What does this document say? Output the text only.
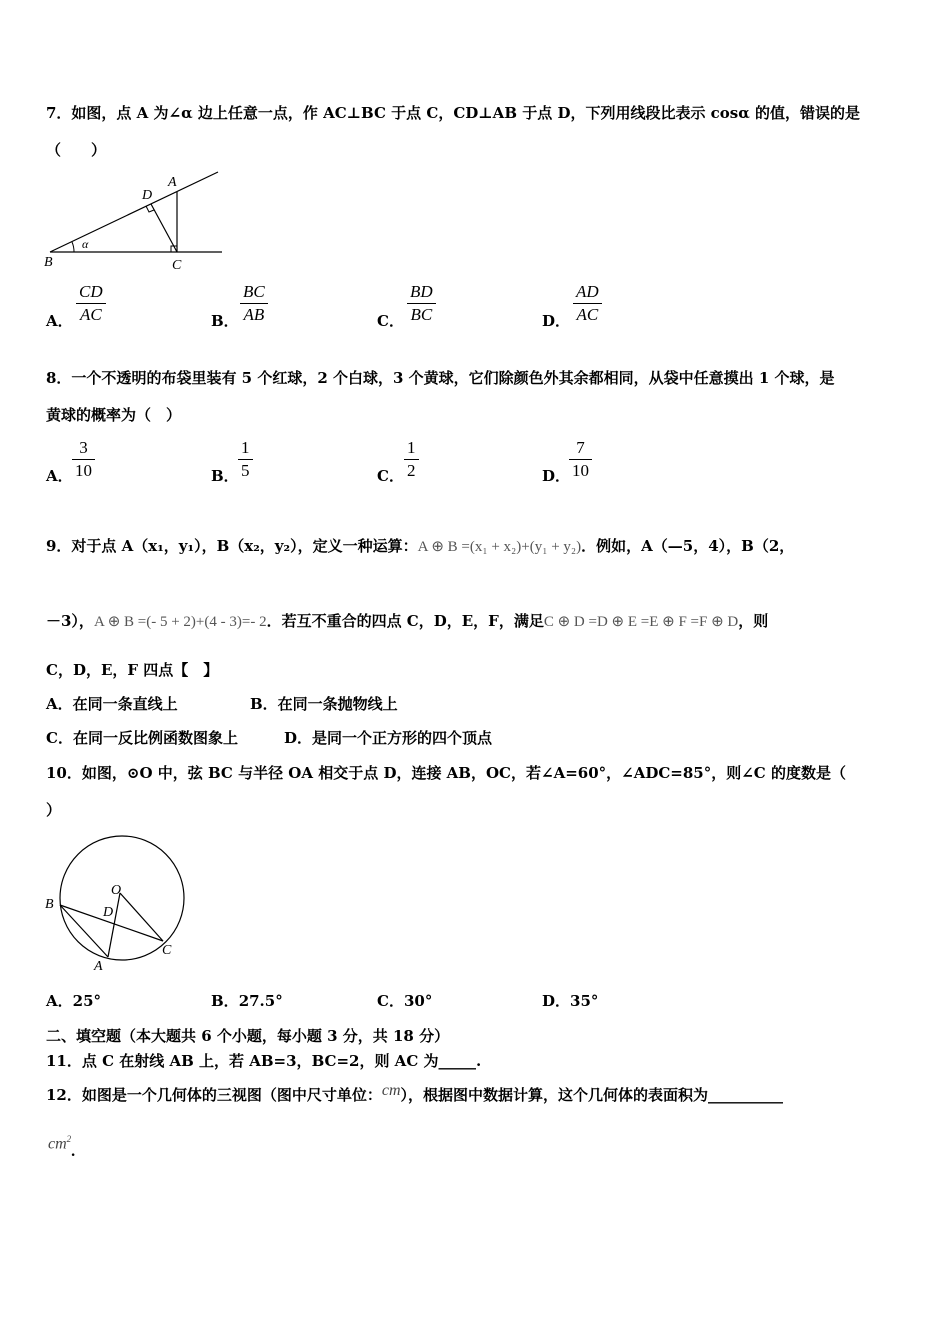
7．如图，点 A 为∠α 边上任意一点，作 AC⊥BC 于点 C，CD⊥AB 于点 D，下列用线段比表示 cosα 的值，错误的是
（　　）
B	C
D
A
α
A．
CD
AC	B．
BC
AB	C．
BD
BC	D．
AD
AC
8．一个不透明的布袋里装有 5 个红球，2 个白球，3 个黄球，它们除颜色外其余都相同，从袋中任意摸出 1 个球，是
黄球的概率为（　）
A．
3
10	B．
1
5	C．
1
2	D．
7
10
9．对于点 A（x₁，y₁），B（x₂，y₂），定义一种运算：A ⊕ B =(x₁ + x₂)+(y₁ + y₂)．例如，A（—5，4），B（2，
－3），A ⊕ B =(- 5 + 2)+(4 - 3)=- 2．若互不重合的四点 C，D，E，F，满足C ⊕ D =D ⊕ E =E ⊕ F =F ⊕ D，则
C，D，E，F 四点【　】
A．在同一条直线上	B．在同一条抛物线上
C．在同一反比例函数图象上	D．是同一个正方形的四个顶点
10．如图，⊙O 中，弦 BC 与半径 OA 相交于点 D，连接 AB，OC，若∠A=60°，∠ADC=85°，则∠C 的度数是（
）
O
D
B
A
C
A．25°	B．27.5°	C．30°	D．35°
二、填空题（本大题共 6 个小题，每小题 3 分，共 18 分）
11．点 C 在射线 AB 上，若 AB=3，BC=2，则 AC 为_____.
12．如图是一个几何体的三视图（图中尺寸单位：cm），根据图中数据计算，这个几何体的表面积为__________
$cm^2$.
